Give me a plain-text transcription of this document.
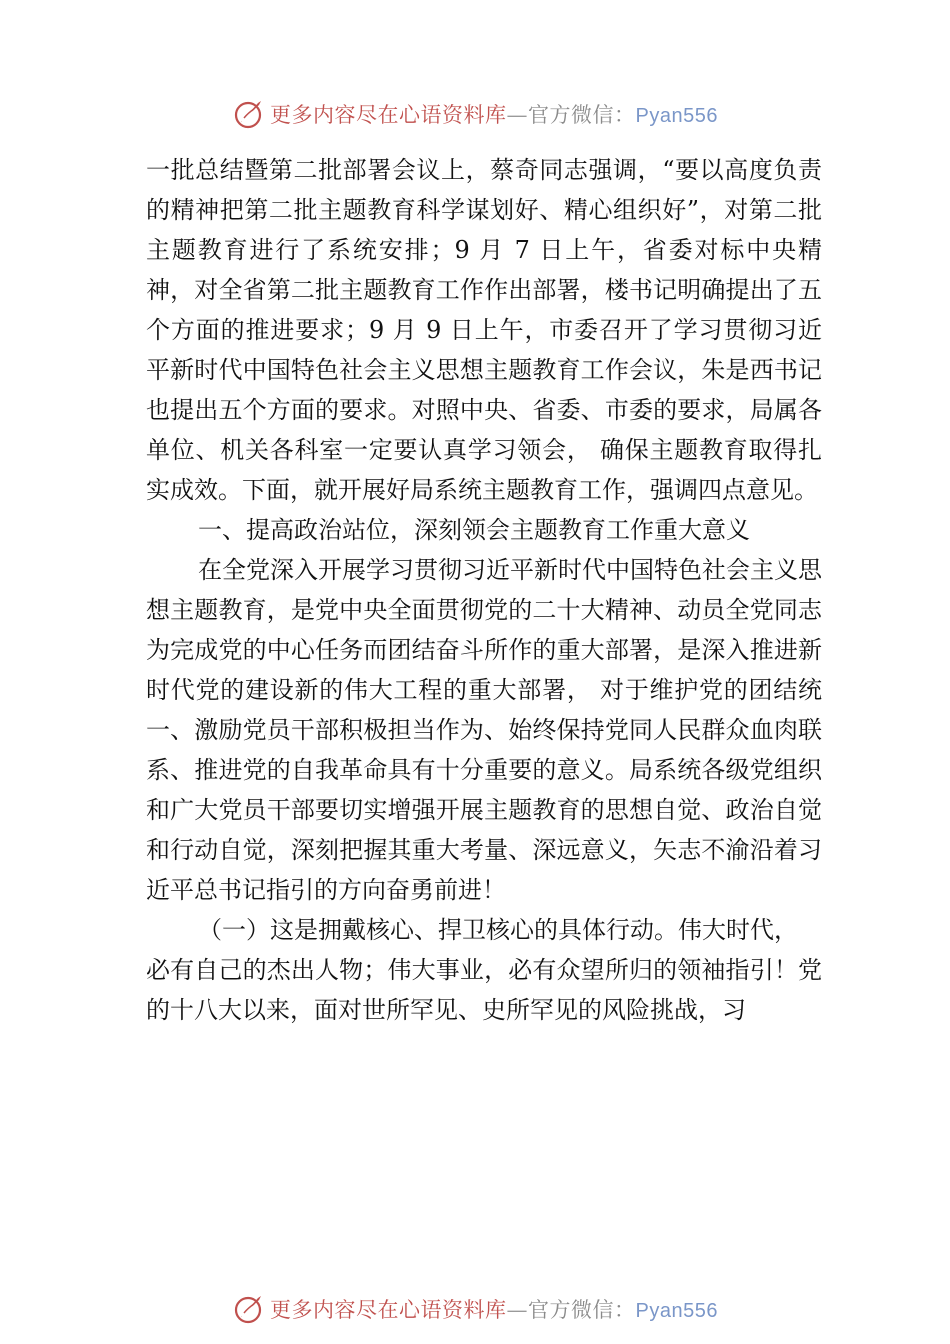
更多内容尽在心语资料库—官方微信：Pyan556

一批总结暨第二批部署会议上，蔡奇同志强调，“要以高度负责的精神把第二批主题教育科学谋划好、精心组织好”，对第二批主题教育进行了系统安排；9 月 7 日上午，省委对标中央精神，对全省第二批主题教育工作作出部署，楼书记明确提出了五个方面的推进要求；9 月 9 日上午，市委召开了学习贯彻习近平新时代中国特色社会主义思想主题教育工作会议，朱是西书记也提出五个方面的要求。对照中央、省委、市委的要求，局属各单位、机关各科室一定要认真学习领会， 确保主题教育取得扎实成效。下面，就开展好局系统主题教育工作，强调四点意见。

一、提高政治站位，深刻领会主题教育工作重大意义

在全党深入开展学习贯彻习近平新时代中国特色社会主义思想主题教育，是党中央全面贯彻党的二十大精神、动员全党同志为完成党的中心任务而团结奋斗所作的重大部署，是深入推进新时代党的建设新的伟大工程的重大部署， 对于维护党的团结统一、激励党员干部积极担当作为、始终保持党同人民群众血肉联系、推进党的自我革命具有十分重要的意义。局系统各级党组织和广大党员干部要切实增强开展主题教育的思想自觉、政治自觉和行动自觉，深刻把握其重大考量、深远意义，矢志不渝沿着习近平总书记指引的方向奋勇前进！

（一）这是拥戴核心、捍卫核心的具体行动。伟大时代，

必有自己的杰出人物；伟大事业，必有众望所归的领袖指引！党的十八大以来，面对世所罕见、史所罕见的风险挑战，习

更多内容尽在心语资料库—官方微信：Pyan556
